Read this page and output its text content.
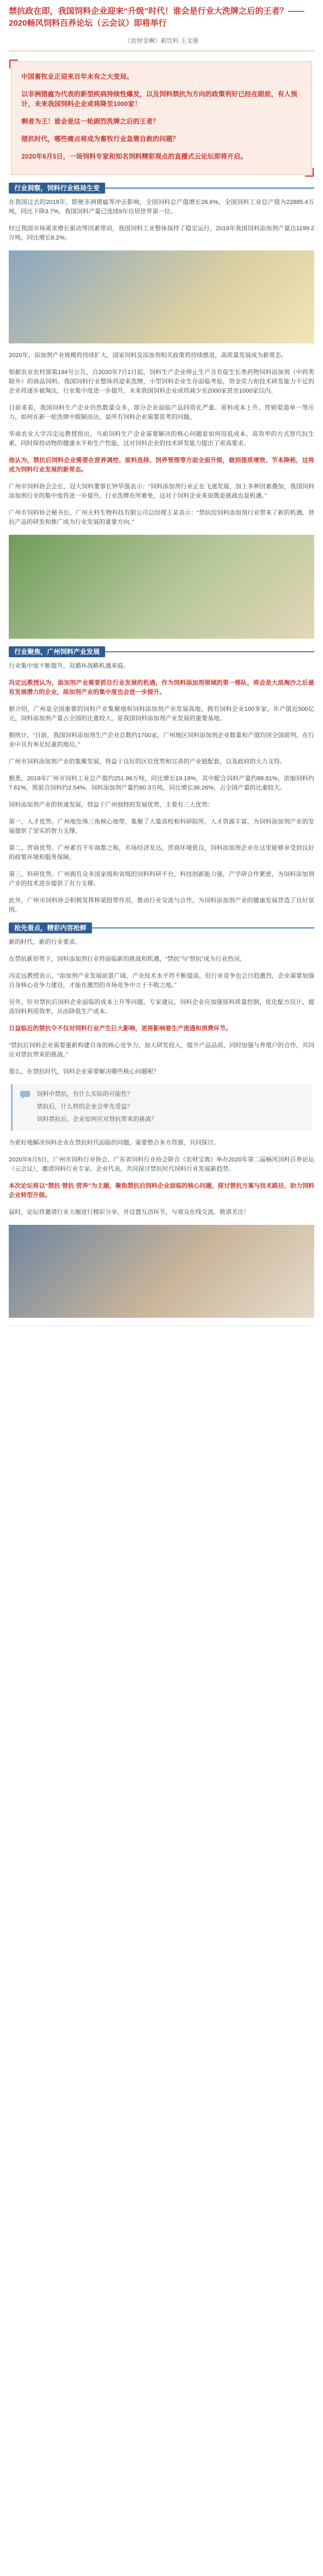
禁抗政在即，我国饲料企业迎来“升级”时代！谁会是行业大洗牌之后的王者？——2020畅风饲料百养论坛（云会议）即将举行
《农财金琳》新饮料 王文强

中国畜牧业正迎来百年未有之大变局。

以非洲猪瘟为代表的新型疾病持续性爆发，以及饲料禁抗为方向的政策利好已经在眼前，有人预计，未来我国饲料企业或将降至1000家！

剩者为王！谁会是这一轮剧烈洗牌之后的王者？

猪抗时代，哪些痛点将成为畜牧行业急需自救的问题？

2020年6月5日，一场饲料专家和知名饲料精彩观点的直播式云论坛即将开启。

行业洞察，饲料行业格局生变

在我国过去的2019年，即便非洲猪瘟等冲击影响，全国饲料总产值增长26.6%，全国饲料工业总产值为22885.4万吨，同比下降3.7%。我国饲料产量已连续9年位居世界第一位。

经过我国市场需求增长驱动等因素带动，我国饲料工业整体保持了稳定运行，2019年我国饲料添加剂产量达1199.2万吨，同比增长8.2%。

2020年，添加剂产业规模将持续扩大，国家饲料及添加剂相关政策将持续推进，高质量发展成为新常态。

根据农业农村部第194号公告，自2020年7月1日起，饲料生产企业停止生产含有促生长类药物饲料添加剂（中药类除外）的商品饲料。我国饲料行业整体将迎来洗牌，小型饲料企业生存面临考验，资金实力和技术研发能力不足的企业将逐步被淘汰，行业集中度进一步提升，未来我国饲料企业或将减少至2000家甚至1000家以内。

目前来看，我国饲料生产企业仍然数量众多，部分企业面临产品同质化严重、原料成本上升、营销渠道单一等压力，如何在新一轮洗牌中脱颖而出，是所有饲料企业需要思考的问题。

华南农业大学冯定远教授指出，当前饲料生产企业需要解决的核心问题是如何用低成本、高效率的方式替代抗生素，同时保持动物的健康水平和生产性能，这对饲料企业的技术研发能力提出了更高要求。

他认为，禁抗后饲料企业需要在营养调控、原料选择、饲养管理等方面全面升级，做到提质增效、节本降耗，这将成为饲料行业发展的新常态。

广州市饲料协会会长、冠大饲料董事长钟华强表示：“饲料添加剂行业正在飞速发展，加上多种因素叠加，我国饲料添加剂行业的集中度将进一步提升，行业洗牌在所难免，这对于饲料企业来说既是挑战也是机遇。”

广州市饲料协会秘书长、广州天科生物科技有限公司总经理王某表示：“禁抗给饲料添加剂行业带来了新的机遇，替抗产品的研发和推广成为行业发展的重要方向。”

行业聚焦，广州饲料产业发展

行业集中度不断提升，双循环战略机遇来临。

冯定远教授认为，添加剂产业需要抓住行业发展的机遇，作为饲料添加剂领域的第一梯队，将会是大浪淘沙之后最有发展潜力的企业，添加剂产业的集中度也会进一步提升。

据介绍，广州是全国重要的饲料产业集聚地和饲料添加剂产业发展高地，拥有饲料企业100多家，年产值近500亿元，饲料添加剂产量占全国的比重较大，是我国饲料添加剂产业发展的重要基地。

据统计，“目前，我国饲料添加剂生产企业总数约1700家，广州地区饲料添加剂企业数量和产值均居全国前列，在行业中具有举足轻重的地位。”

广州市饲料添加剂产业的集聚发展，得益于良好的区位优势和完善的产业链配套，以及政府的大力支持。

据悉，2019年广州市饲料工业总产值约251.96万吨，同比增长19.19%，其中配合饲料产量约88.81%，浓缩饲料约7.61%，预混合饲料约2.54%。饲料添加剂产量约80.3万吨，同比增长36.26%，占全国产量的比重较大。

饲料添加剂产业的快速发展，得益于广州独特的发展优势，主要有三大优势：

第一，人才优势。广州地处珠三角核心地带，集聚了大量高校和科研院所，人才资源丰富，为饲料添加剂产业的发展提供了坚实的智力支撑。

第二，营商优势。广州素有千年商都之称，市场经济发达，营商环境优良，饲料添加剂企业在这里能够享受到良好的政策环境和服务保障。

第三，科研优势。广州拥有众多国家级和省级的饲料科研平台，科技创新能力强，产学研合作紧密，为饲料添加剂产业的技术进步提供了有力支撑。

此外，广州市饲料协会积极发挥桥梁纽带作用，推动行业交流与合作，为饲料添加剂产业的健康发展营造了良好氛围。

抢先看点，精彩内容抢鲜

新的时代，新的行业要求。

在禁抗新形势下，饲料添加剂行业将面临新的挑战和机遇，“禁抗”与“替抗”成为行业热词。

冯定远教授表示，“添加剂产业发展前景广阔，产业技术水平将不断提高，但行业竞争也会日趋激烈，企业需要加强自身核心竞争力建设，才能在激烈的市场竞争中立于不败之地。”

另外，针对禁抗后饲料企业面临的成本上升等问题，专家建议，饲料企业应加强原料质量控制，优化配方设计，提高饲料利用效率，从而降低生产成本。

日益临近的禁抗令不仅对饲料行业产生巨大影响，更将影响着生产流通和消费环节。

“禁抗后饲料企业需要重新构建自身的核心竞争力，加大研发投入，提升产品品质，同时加强与养殖户的合作，共同应对禁抗带来的挑战。”

那么，在禁抗时代，饲料企业需要解决哪些核心问题呢？

饲料中禁抗，有什么实际的可能性？

禁抗后，什么样的企业会率先受益？

饲料禁抗后，企业如何应对替抗带来的挑战？

为更好地解决饲料企业在禁抗时代面临的问题，需要整合多方资源，共同探讨。

2020年6月5日，广州市饲料行业协会、广东省饲料行业协会联合《农财宝典》举办2020年第二届畅风饲料百养论坛（云会议），邀请饲料行业专家、企业代表，共同探讨禁抗时代饲料行业发展新趋势。

本次论坛将以“禁抗·替抗·营养”为主题，聚焦禁抗后饲料企业面临的核心问题，探讨替抗方案与技术路径，助力饲料企业转型升级。

届时，论坛将邀请行业大咖进行精彩分享，并设置互动环节，与观众在线交流，敬请关注！
